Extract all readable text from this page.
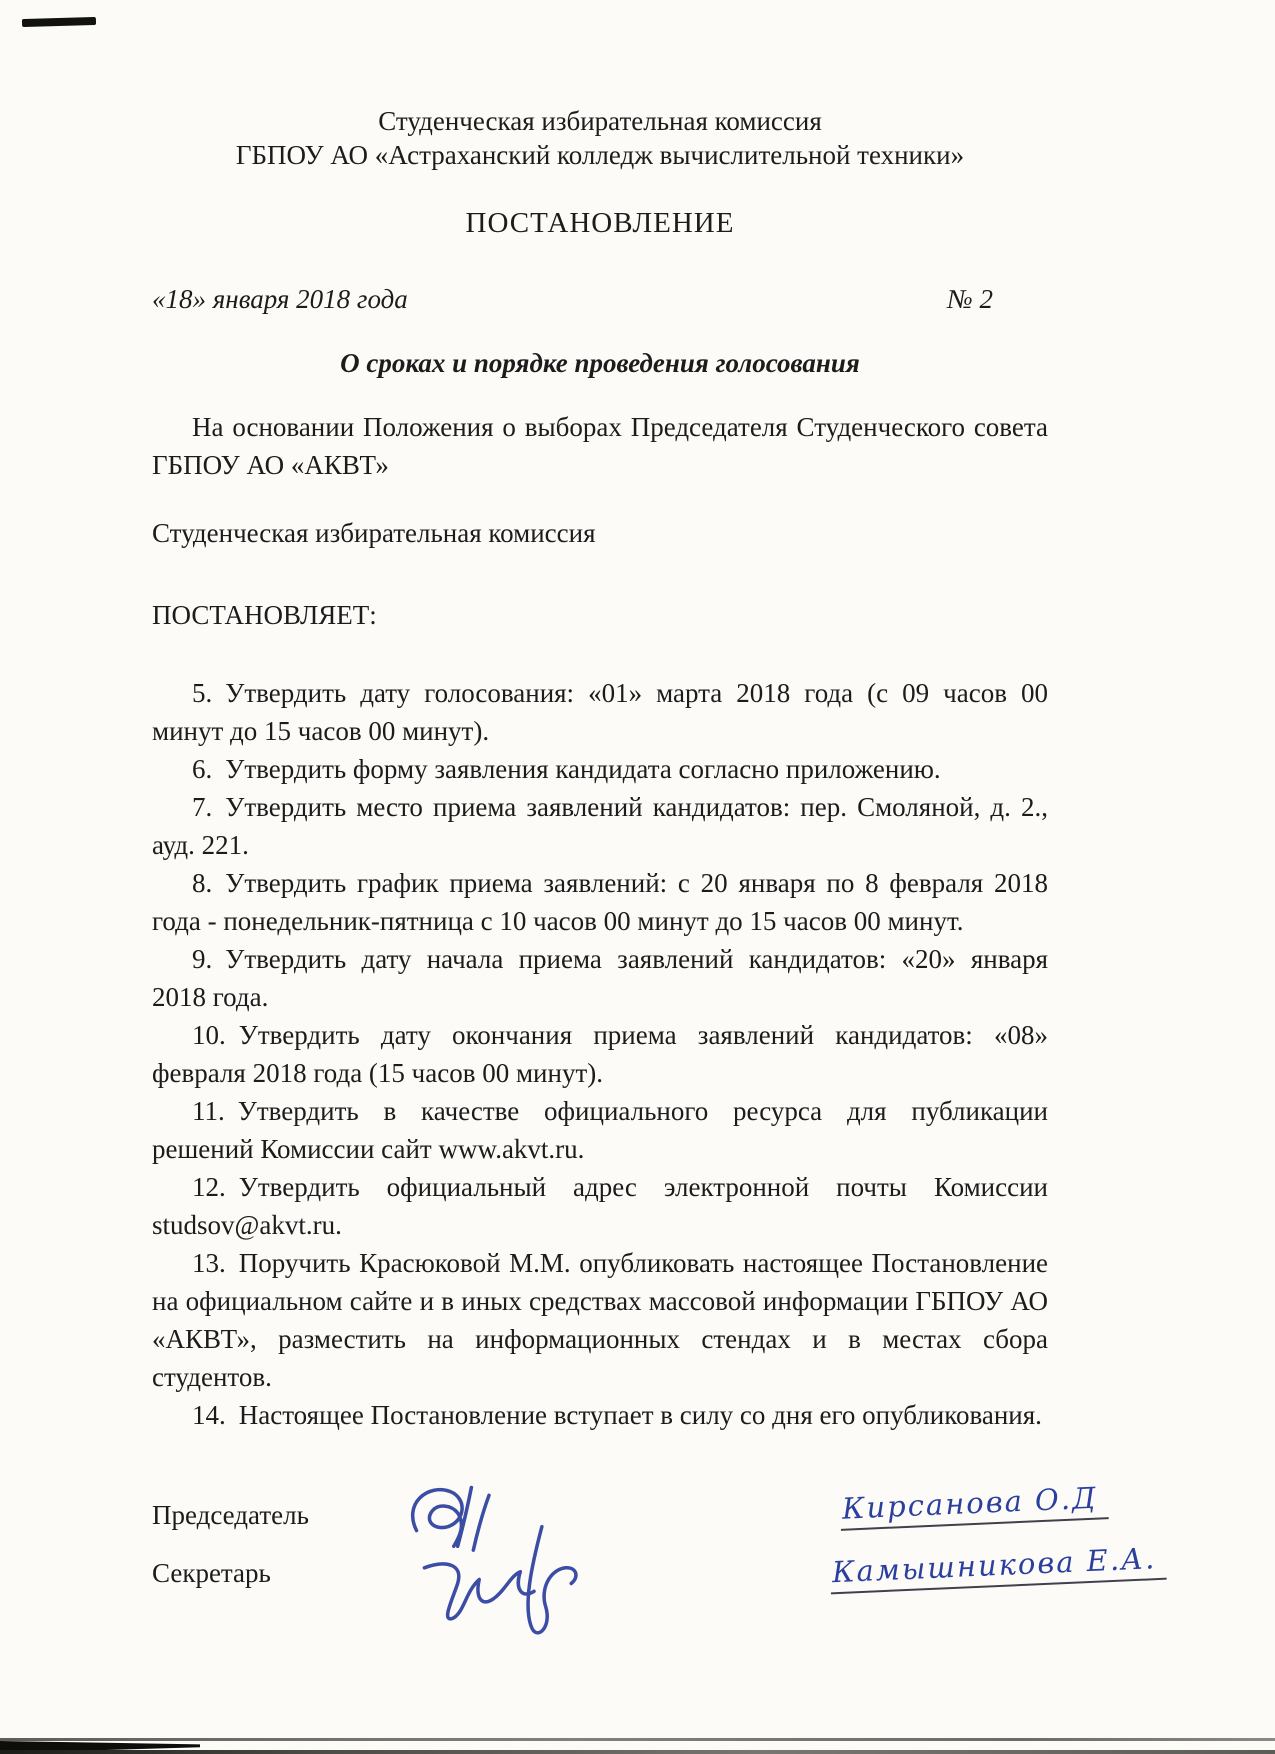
Студенческая избирательная комиссия
ГБПОУ АО «Астраханский колледж вычислительной техники»
ПОСТАНОВЛЕНИЕ
«18» января 2018 года	№ 2
О сроках и порядке проведения голосования

На основании Положения о выборах Председателя Студенческого совета ГБПОУ АО «АКВТ»

Студенческая избирательная комиссия

ПОСТАНОВЛЯЕТ:

5. Утвердить дату голосования: «01» марта 2018 года (с 09 часов 00 минут до 15 часов 00 минут).

6. Утвердить форму заявления кандидата согласно приложению.

7. Утвердить место приема заявлений кандидатов: пер. Смоляной, д. 2., ауд. 221.

8. Утвердить график приема заявлений: с 20 января по 8 февраля 2018 года - понедельник-пятница с 10 часов 00 минут до 15 часов 00 минут.

9. Утвердить дату начала приема заявлений кандидатов: «20» января 2018 года.

10. Утвердить дату окончания приема заявлений кандидатов: «08» февраля 2018 года (15 часов 00 минут).

11. Утвердить в качестве официального ресурса для публикации решений Комиссии сайт www.akvt.ru.

12. Утвердить официальный адрес электронной почты Комиссии studsov@akvt.ru.

13. Поручить Красюковой М.М. опубликовать настоящее Постановление на официальном сайте и в иных средствах массовой информации ГБПОУ АО «АКВТ», разместить на информационных стендах и в местах сбора студентов.

14. Настоящее Постановление вступает в силу со дня его опубликования.

Председатель
Секретарь
Кирсанова О.Д
Камышникова Е.А.
